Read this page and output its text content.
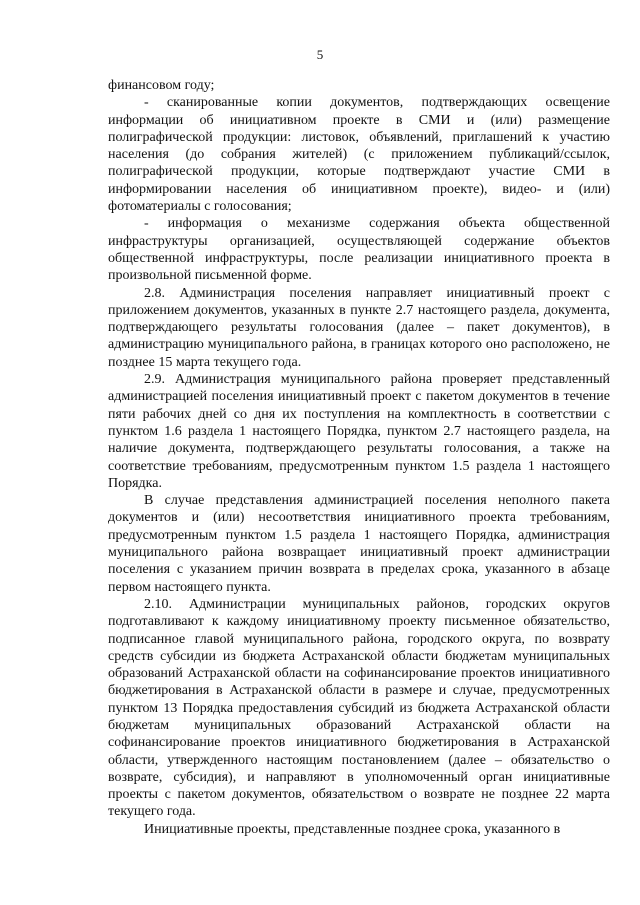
5

финансовом году;

- сканированные копии документов, подтверждающих освещение информации об инициативном проекте в СМИ и (или) размещение полиграфической продукции: листовок, объявлений, приглашений к участию населения (до собрания жителей) (с приложением публикаций/ссылок, полиграфической продукции, которые подтверждают участие СМИ в информировании населения об инициативном проекте), видео- и (или) фотоматериалы с голосования;

- информация о механизме содержания объекта общественной инфраструктуры организацией, осуществляющей содержание объектов общественной инфраструктуры, после реализации инициативного проекта в произвольной письменной форме.

2.8. Администрация поселения направляет инициативный проект с приложением документов, указанных в пункте 2.7 настоящего раздела, документа, подтверждающего результаты голосования (далее – пакет документов), в администрацию муниципального района, в границах которого оно расположено, не позднее 15 марта текущего года.

2.9. Администрация муниципального района проверяет представленный администрацией поселения инициативный проект с пакетом документов в течение пяти рабочих дней со дня их поступления на комплектность в соответствии с пунктом 1.6 раздела 1 настоящего Порядка, пунктом 2.7 настоящего раздела, на наличие документа, подтверждающего результаты голосования, а также на соответствие требованиям, предусмотренным пунктом 1.5 раздела 1 настоящего Порядка.

В случае представления администрацией поселения неполного пакета документов и (или) несоответствия инициативного проекта требованиям, предусмотренным пунктом 1.5 раздела 1 настоящего Порядка, администрация муниципального района возвращает инициативный проект администрации поселения с указанием причин возврата в пределах срока, указанного в абзаце первом настоящего пункта.

2.10. Администрации муниципальных районов, городских округов подготавливают к каждому инициативному проекту письменное обязательство, подписанное главой муниципального района, городского округа, по возврату средств субсидии из бюджета Астраханской области бюджетам муниципальных образований Астраханской области на софинансирование проектов инициативного бюджетирования в Астраханской области в размере и случае, предусмотренных пунктом 13 Порядка предоставления субсидий из бюджета Астраханской области бюджетам муниципальных образований Астраханской области на софинансирование проектов инициативного бюджетирования в Астраханской области, утвержденного настоящим постановлением (далее – обязательство о возврате, субсидия), и направляют в уполномоченный орган инициативные проекты с пакетом документов, обязательством о возврате не позднее 22 марта текущего года.

Инициативные проекты, представленные позднее срока, указанного в
